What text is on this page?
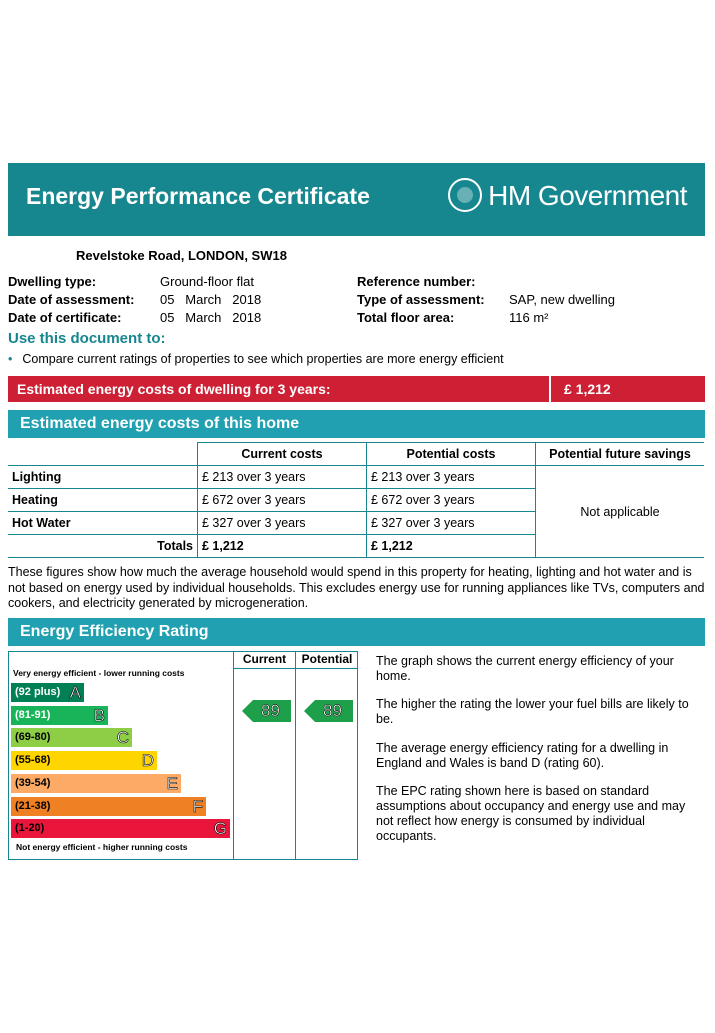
Energy Performance Certificate	HM Government
Revelstoke Road, LONDON, SW18
Dwelling type:	Ground-floor flat
Date of assessment: 05   March   2018
Date of certificate:	05   March   2018
Reference number:
Type of assessment: SAP, new dwelling
Total floor area:	116 m²
Use this document to:
• Compare current ratings of properties to see which properties are more energy efficient
Estimated energy costs of dwelling for 3 years:	£ 1,212
Estimated energy costs of this home
	Current costs	Potential costs	Potential future savings
Lighting	£ 213 over 3 years	£ 213 over 3 years	Not applicable
Heating	£ 672 over 3 years	£ 672 over 3 years	
Hot Water	£ 327 over 3 years	£ 327 over 3 years	
Totals	£ 1,212	£ 1,212	
These figures show how much the average household would spend in this property for heating, lighting and hot water and is not based on energy used by individual households. This excludes energy use for running appliances like TVs, computers and cookers, and electricity generated by microgeneration.
Energy Efficiency Rating
Very energy efficient - lower running costs
(92 plus) A
(81-91)	B
(69-80)	C
(55-68)	D
(39-54)	E
(21-38)	F
(1-20)	G
Not energy efficient - higher running costs
Current
89
Potential
89
The graph shows the current energy efficiency of your home.
The higher the rating the lower your fuel bills are likely to be.
The average energy efficiency rating for a dwelling in England and Wales is band D (rating 60).
The EPC rating shown here is based on standard assumptions about occupancy and energy use and may not reflect how energy is consumed by individual occupants.
